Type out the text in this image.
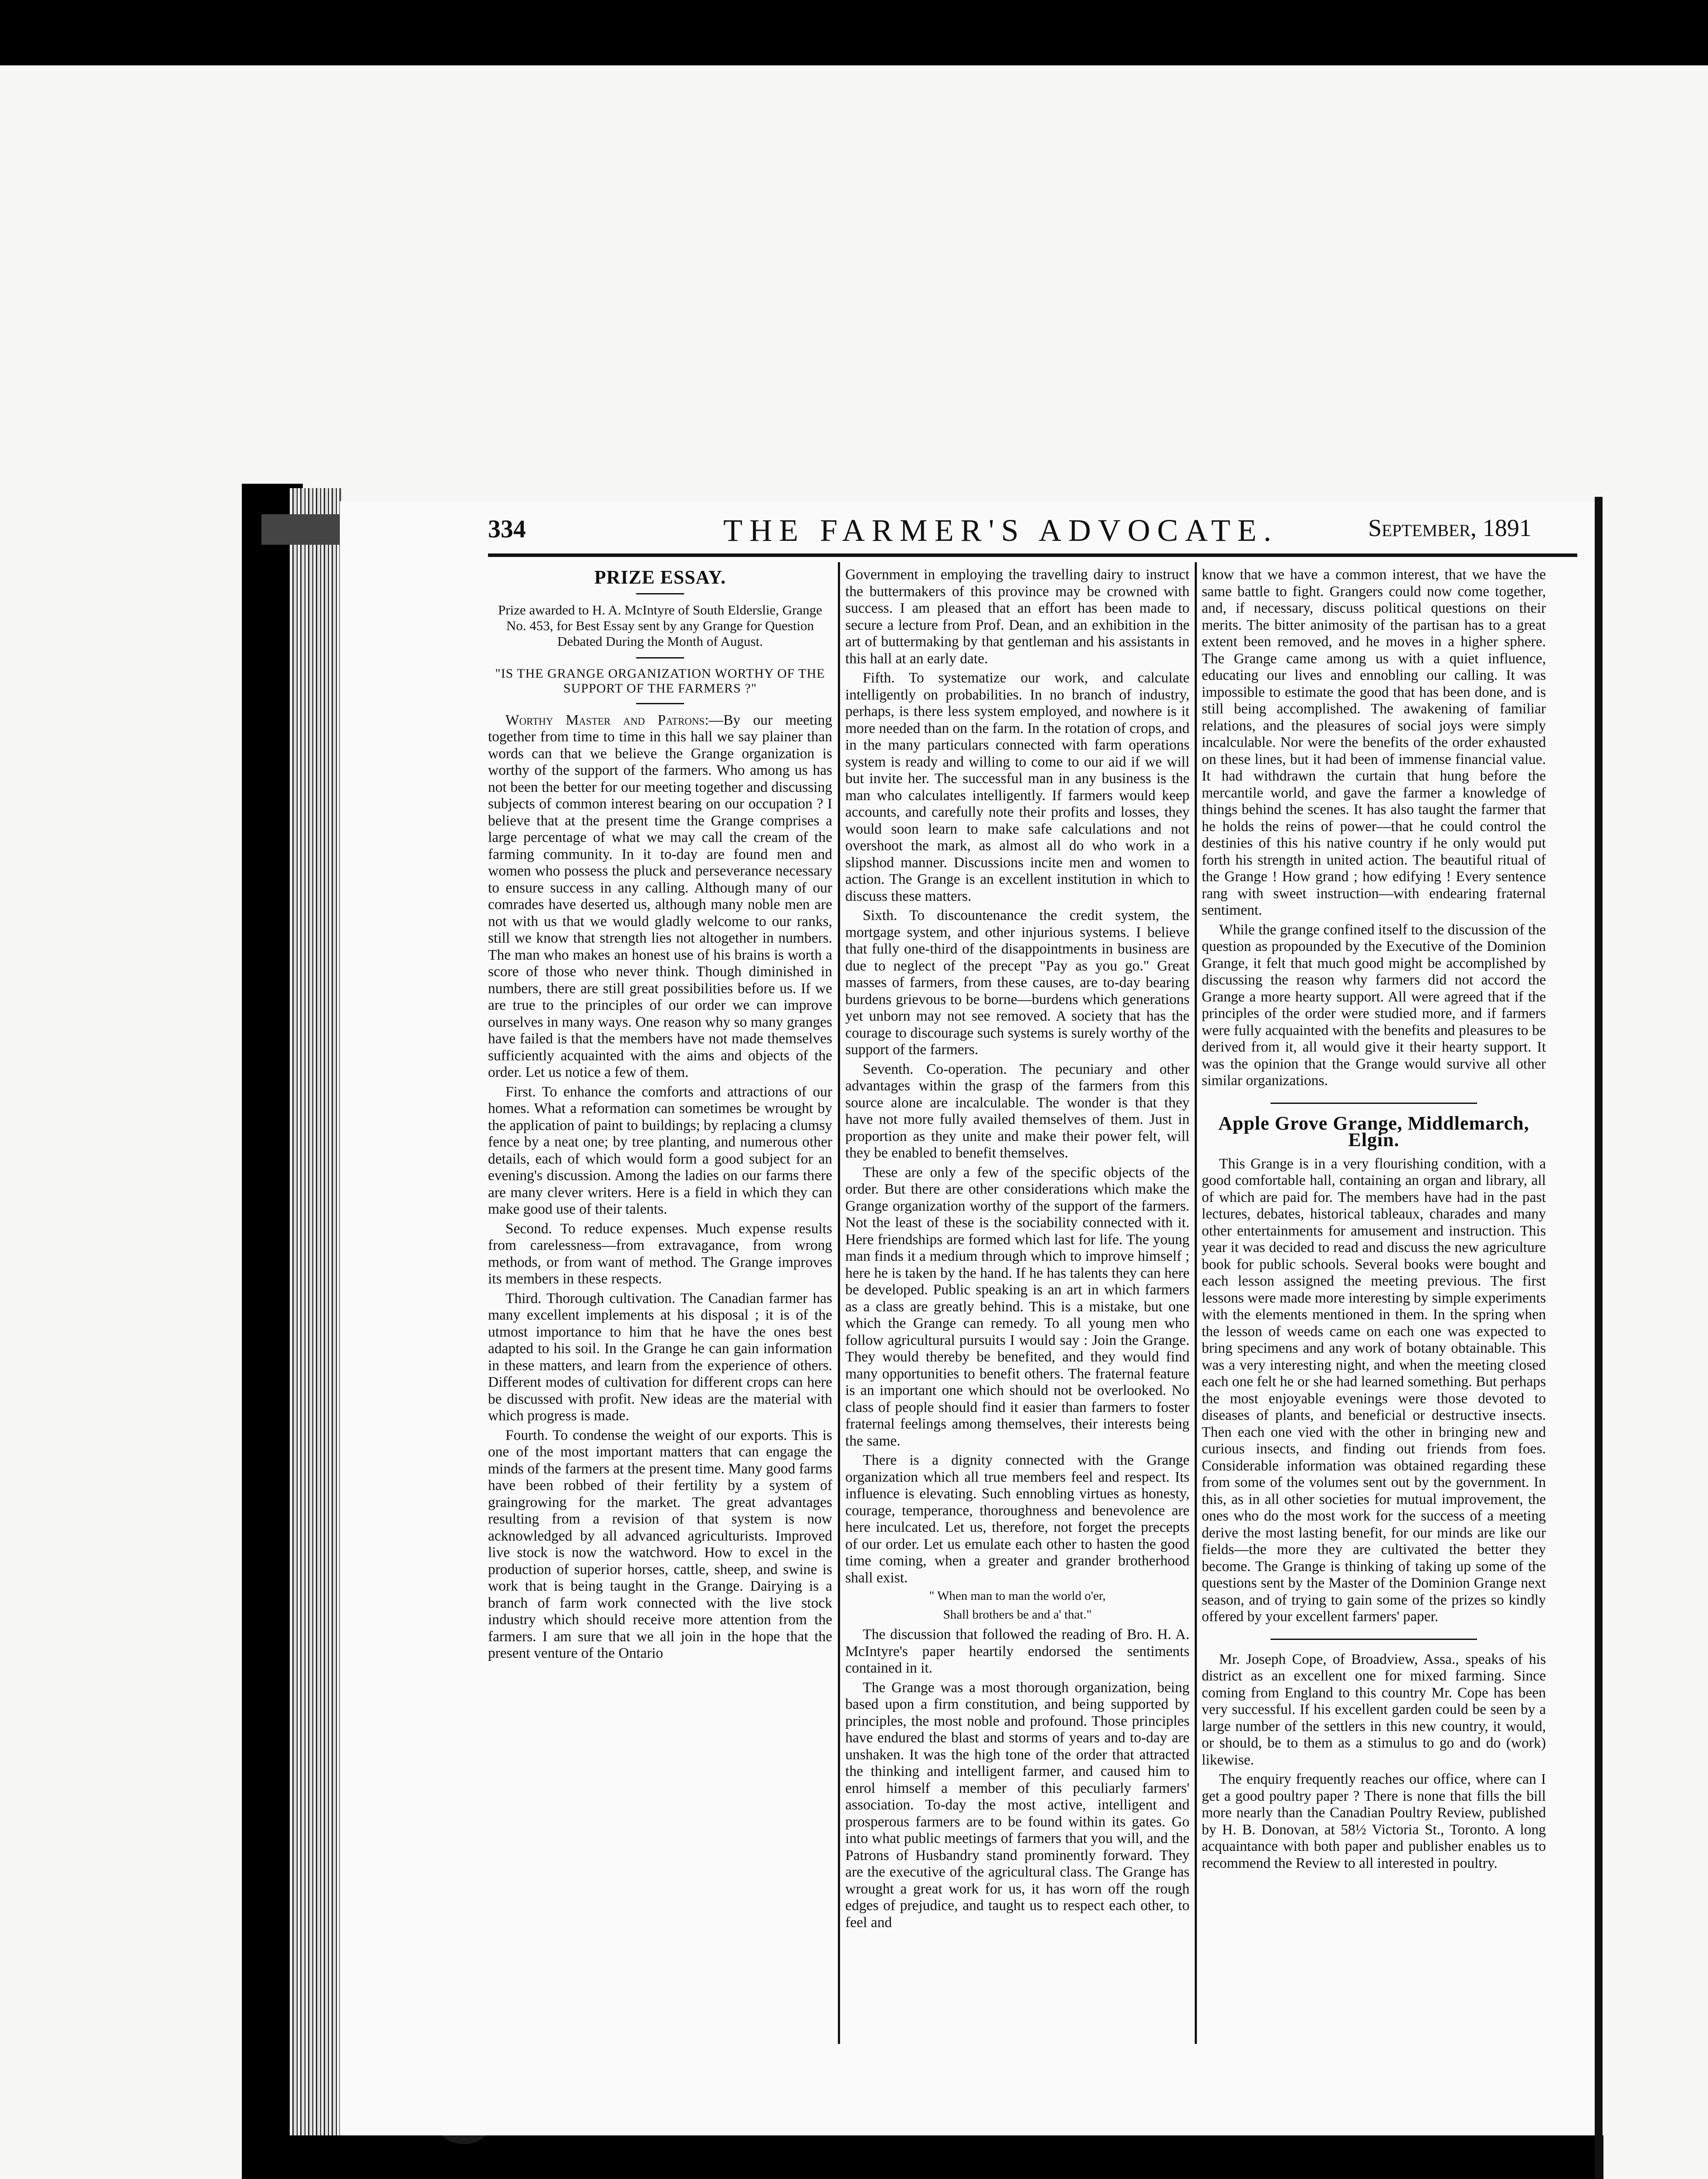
334	THE FARMER'S ADVOCATE.	September, 1891
PRIZE ESSAY.

Prize awarded to H. A. McIntyre of South Elderslie, Grange No. 453, for Best Essay sent by any Grange for Question Debated During the Month of August.

"IS THE GRANGE ORGANIZATION WORTHY OF THE SUPPORT OF THE FARMERS ?"

Worthy Master and Patrons:—By our meeting together from time to time in this hall we say plainer than words can that we believe the Grange organization is worthy of the support of the farmers. Who among us has not been the better for our meeting together and discussing subjects of common interest bearing on our occupation ? I believe that at the present time the Grange comprises a large percentage of what we may call the cream of the farming community. In it to-day are found men and women who possess the pluck and perseverance necessary to ensure success in any calling. Although many of our comrades have deserted us, although many noble men are not with us that we would gladly welcome to our ranks, still we know that strength lies not altogether in numbers. The man who makes an honest use of his brains is worth a score of those who never think. Though diminished in numbers, there are still great possibilities before us. If we are true to the principles of our order we can improve ourselves in many ways. One reason why so many granges have failed is that the members have not made themselves sufficiently acquainted with the aims and objects of the order. Let us notice a few of them.

First. To enhance the comforts and attractions of our homes. What a reformation can sometimes be wrought by the application of paint to buildings; by replacing a clumsy fence by a neat one; by tree planting, and numerous other details, each of which would form a good subject for an evening's discussion. Among the ladies on our farms there are many clever writers. Here is a field in which they can make good use of their talents.

Second. To reduce expenses. Much expense results from carelessness—from extravagance, from wrong methods, or from want of method. The Grange improves its members in these respects.

Third. Thorough cultivation. The Canadian farmer has many excellent implements at his disposal ; it is of the utmost importance to him that he have the ones best adapted to his soil. In the Grange he can gain information in these matters, and learn from the experience of others. Different modes of cultivation for different crops can here be discussed with profit. New ideas are the material with which progress is made.

Fourth. To condense the weight of our exports. This is one of the most important matters that can engage the minds of the farmers at the present time. Many good farms have been robbed of their fertility by a system of graingrowing for the market. The great advantages resulting from a revision of that system is now acknowledged by all advanced agriculturists. Improved live stock is now the watchword. How to excel in the production of superior horses, cattle, sheep, and swine is work that is being taught in the Grange. Dairying is a branch of farm work connected with the live stock industry which should receive more attention from the farmers. I am sure that we all join in the hope that the present venture of the Ontario

Government in employing the travelling dairy to instruct the buttermakers of this province may be crowned with success. I am pleased that an effort has been made to secure a lecture from Prof. Dean, and an exhibition in the art of buttermaking by that gentleman and his assistants in this hall at an early date.

Fifth. To systematize our work, and calculate intelligently on probabilities. In no branch of industry, perhaps, is there less system employed, and nowhere is it more needed than on the farm. In the rotation of crops, and in the many particulars connected with farm operations system is ready and willing to come to our aid if we will but invite her. The successful man in any business is the man who calculates intelligently. If farmers would keep accounts, and carefully note their profits and losses, they would soon learn to make safe calculations and not overshoot the mark, as almost all do who work in a slipshod manner. Discussions incite men and women to action. The Grange is an excellent institution in which to discuss these matters.

Sixth. To discountenance the credit system, the mortgage system, and other injurious systems. I believe that fully one-third of the disappointments in business are due to neglect of the precept "Pay as you go." Great masses of farmers, from these causes, are to-day bearing burdens grievous to be borne—burdens which generations yet unborn may not see removed. A society that has the courage to discourage such systems is surely worthy of the support of the farmers.

Seventh. Co-operation. The pecuniary and other advantages within the grasp of the farmers from this source alone are incalculable. The wonder is that they have not more fully availed themselves of them. Just in proportion as they unite and make their power felt, will they be enabled to benefit themselves.

These are only a few of the specific objects of the order. But there are other considerations which make the Grange organization worthy of the support of the farmers. Not the least of these is the sociability connected with it. Here friendships are formed which last for life. The young man finds it a medium through which to improve himself ; here he is taken by the hand. If he has talents they can here be developed. Public speaking is an art in which farmers as a class are greatly behind. This is a mistake, but one which the Grange can remedy. To all young men who follow agricultural pursuits I would say : Join the Grange. They would thereby be benefited, and they would find many opportunities to benefit others. The fraternal feature is an important one which should not be overlooked. No class of people should find it easier than farmers to foster fraternal feelings among themselves, their interests being the same.

There is a dignity connected with the Grange organization which all true members feel and respect. Its influence is elevating. Such ennobling virtues as honesty, courage, temperance, thoroughness and benevolence are here inculcated. Let us, therefore, not forget the precepts of our order. Let us emulate each other to hasten the good time coming, when a greater and grander brotherhood shall exist.

" When man to man the world o'er,

Shall brothers be and a' that."

The discussion that followed the reading of Bro. H. A. McIntyre's paper heartily endorsed the sentiments contained in it.

The Grange was a most thorough organization, being based upon a firm constitution, and being supported by principles, the most noble and profound. Those principles have endured the blast and storms of years and to-day are unshaken. It was the high tone of the order that attracted the thinking and intelligent farmer, and caused him to enrol himself a member of this peculiarly farmers' association. To-day the most active, intelligent and prosperous farmers are to be found within its gates. Go into what public meetings of farmers that you will, and the Patrons of Husbandry stand prominently forward. They are the executive of the agricultural class. The Grange has wrought a great work for us, it has worn off the rough edges of prejudice, and taught us to respect each other, to feel and

know that we have a common interest, that we have the same battle to fight. Grangers could now come together, and, if necessary, discuss political questions on their merits. The bitter animosity of the partisan has to a great extent been removed, and he moves in a higher sphere. The Grange came among us with a quiet influence, educating our lives and ennobling our calling. It was impossible to estimate the good that has been done, and is still being accomplished. The awakening of familiar relations, and the pleasures of social joys were simply incalculable. Nor were the benefits of the order exhausted on these lines, but it had been of immense financial value. It had withdrawn the curtain that hung before the mercantile world, and gave the farmer a knowledge of things behind the scenes. It has also taught the farmer that he holds the reins of power—that he could control the destinies of this his native country if he only would put forth his strength in united action. The beautiful ritual of the Grange ! How grand ; how edifying ! Every sentence rang with sweet instruction—with endearing fraternal sentiment.

While the grange confined itself to the discussion of the question as propounded by the Executive of the Dominion Grange, it felt that much good might be accomplished by discussing the reason why farmers did not accord the Grange a more hearty support. All were agreed that if the principles of the order were studied more, and if farmers were fully acquainted with the benefits and pleasures to be derived from it, all would give it their hearty support. It was the opinion that the Grange would survive all other similar organizations.

Apple Grove Grange, Middlemarch, Elgin.

This Grange is in a very flourishing condition, with a good comfortable hall, containing an organ and library, all of which are paid for. The members have had in the past lectures, debates, historical tableaux, charades and many other entertainments for amusement and instruction. This year it was decided to read and discuss the new agriculture book for public schools. Several books were bought and each lesson assigned the meeting previous. The first lessons were made more interesting by simple experiments with the elements mentioned in them. In the spring when the lesson of weeds came on each one was expected to bring specimens and any work of botany obtainable. This was a very interesting night, and when the meeting closed each one felt he or she had learned something. But perhaps the most enjoyable evenings were those devoted to diseases of plants, and beneficial or destructive insects. Then each one vied with the other in bringing new and curious insects, and finding out friends from foes. Considerable information was obtained regarding these from some of the volumes sent out by the government. In this, as in all other societies for mutual improvement, the ones who do the most work for the success of a meeting derive the most lasting benefit, for our minds are like our fields—the more they are cultivated the better they become. The Grange is thinking of taking up some of the questions sent by the Master of the Dominion Grange next season, and of trying to gain some of the prizes so kindly offered by your excellent farmers' paper.

Mr. Joseph Cope, of Broadview, Assa., speaks of his district as an excellent one for mixed farming. Since coming from England to this country Mr. Cope has been very successful. If his excellent garden could be seen by a large number of the settlers in this new country, it would, or should, be to them as a stimulus to go and do (work) likewise.

The enquiry frequently reaches our office, where can I get a good poultry paper ? There is none that fills the bill more nearly than the Canadian Poultry Review, published by H. B. Donovan, at 58½ Victoria St., Toronto. A long acquaintance with both paper and publisher enables us to recommend the Review to all interested in poultry.
